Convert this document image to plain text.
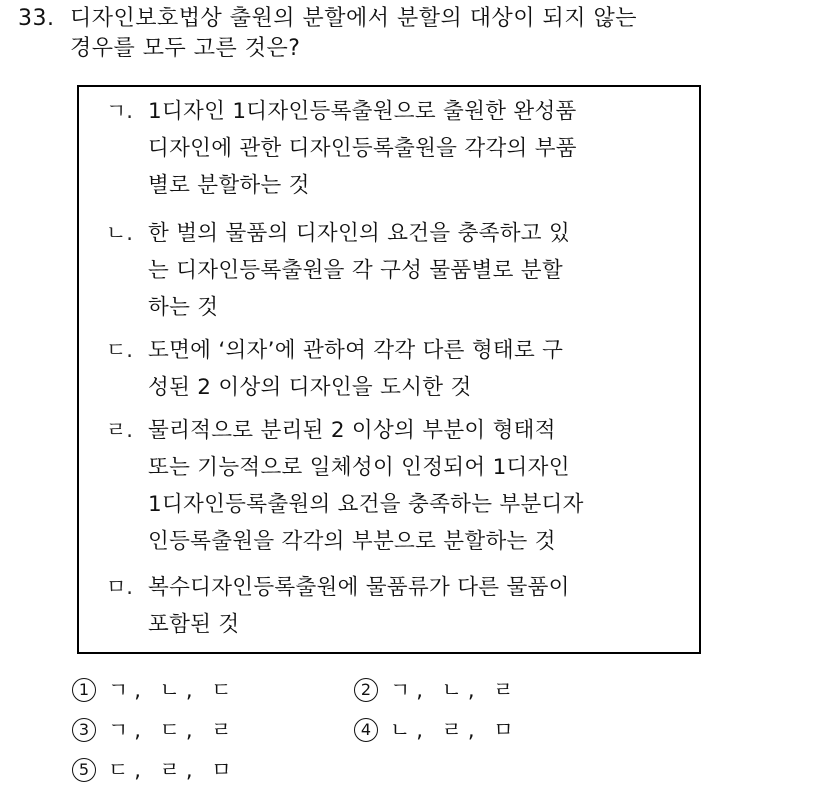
33. 디자인보호법상 출원의 분할에서 분할의 대상이 되지 않는
경우를 모두 고른 것은?
ㄱ. 1디자인 1디자인등록출원으로 출원한 완성품
디자인에 관한 디자인등록출원을 각각의 부품
별로 분할하는 것
ㄴ. 한 벌의 물품의 디자인의 요건을 충족하고 있
는 디자인등록출원을 각 구성 물품별로 분할
하는 것
ㄷ. 도면에 ‘의자’에 관하여 각각 다른 형태로 구
성된 2 이상의 디자인을 도시한 것
ㄹ. 물리적으로 분리된 2 이상의 부분이 형태적
또는 기능적으로 일체성이 인정되어 1디자인
1디자인등록출원의 요건을 충족하는 부분디자
인등록출원을 각각의 부분으로 분할하는 것
ㅁ. 복수디자인등록출원에 물품류가 다른 물품이
포함된 것
1 ㄱ, ㄴ, ㄷ	2 ㄱ, ㄴ, ㄹ
3 ㄱ, ㄷ, ㄹ	4 ㄴ, ㄹ, ㅁ
5 ㄷ, ㄹ, ㅁ
